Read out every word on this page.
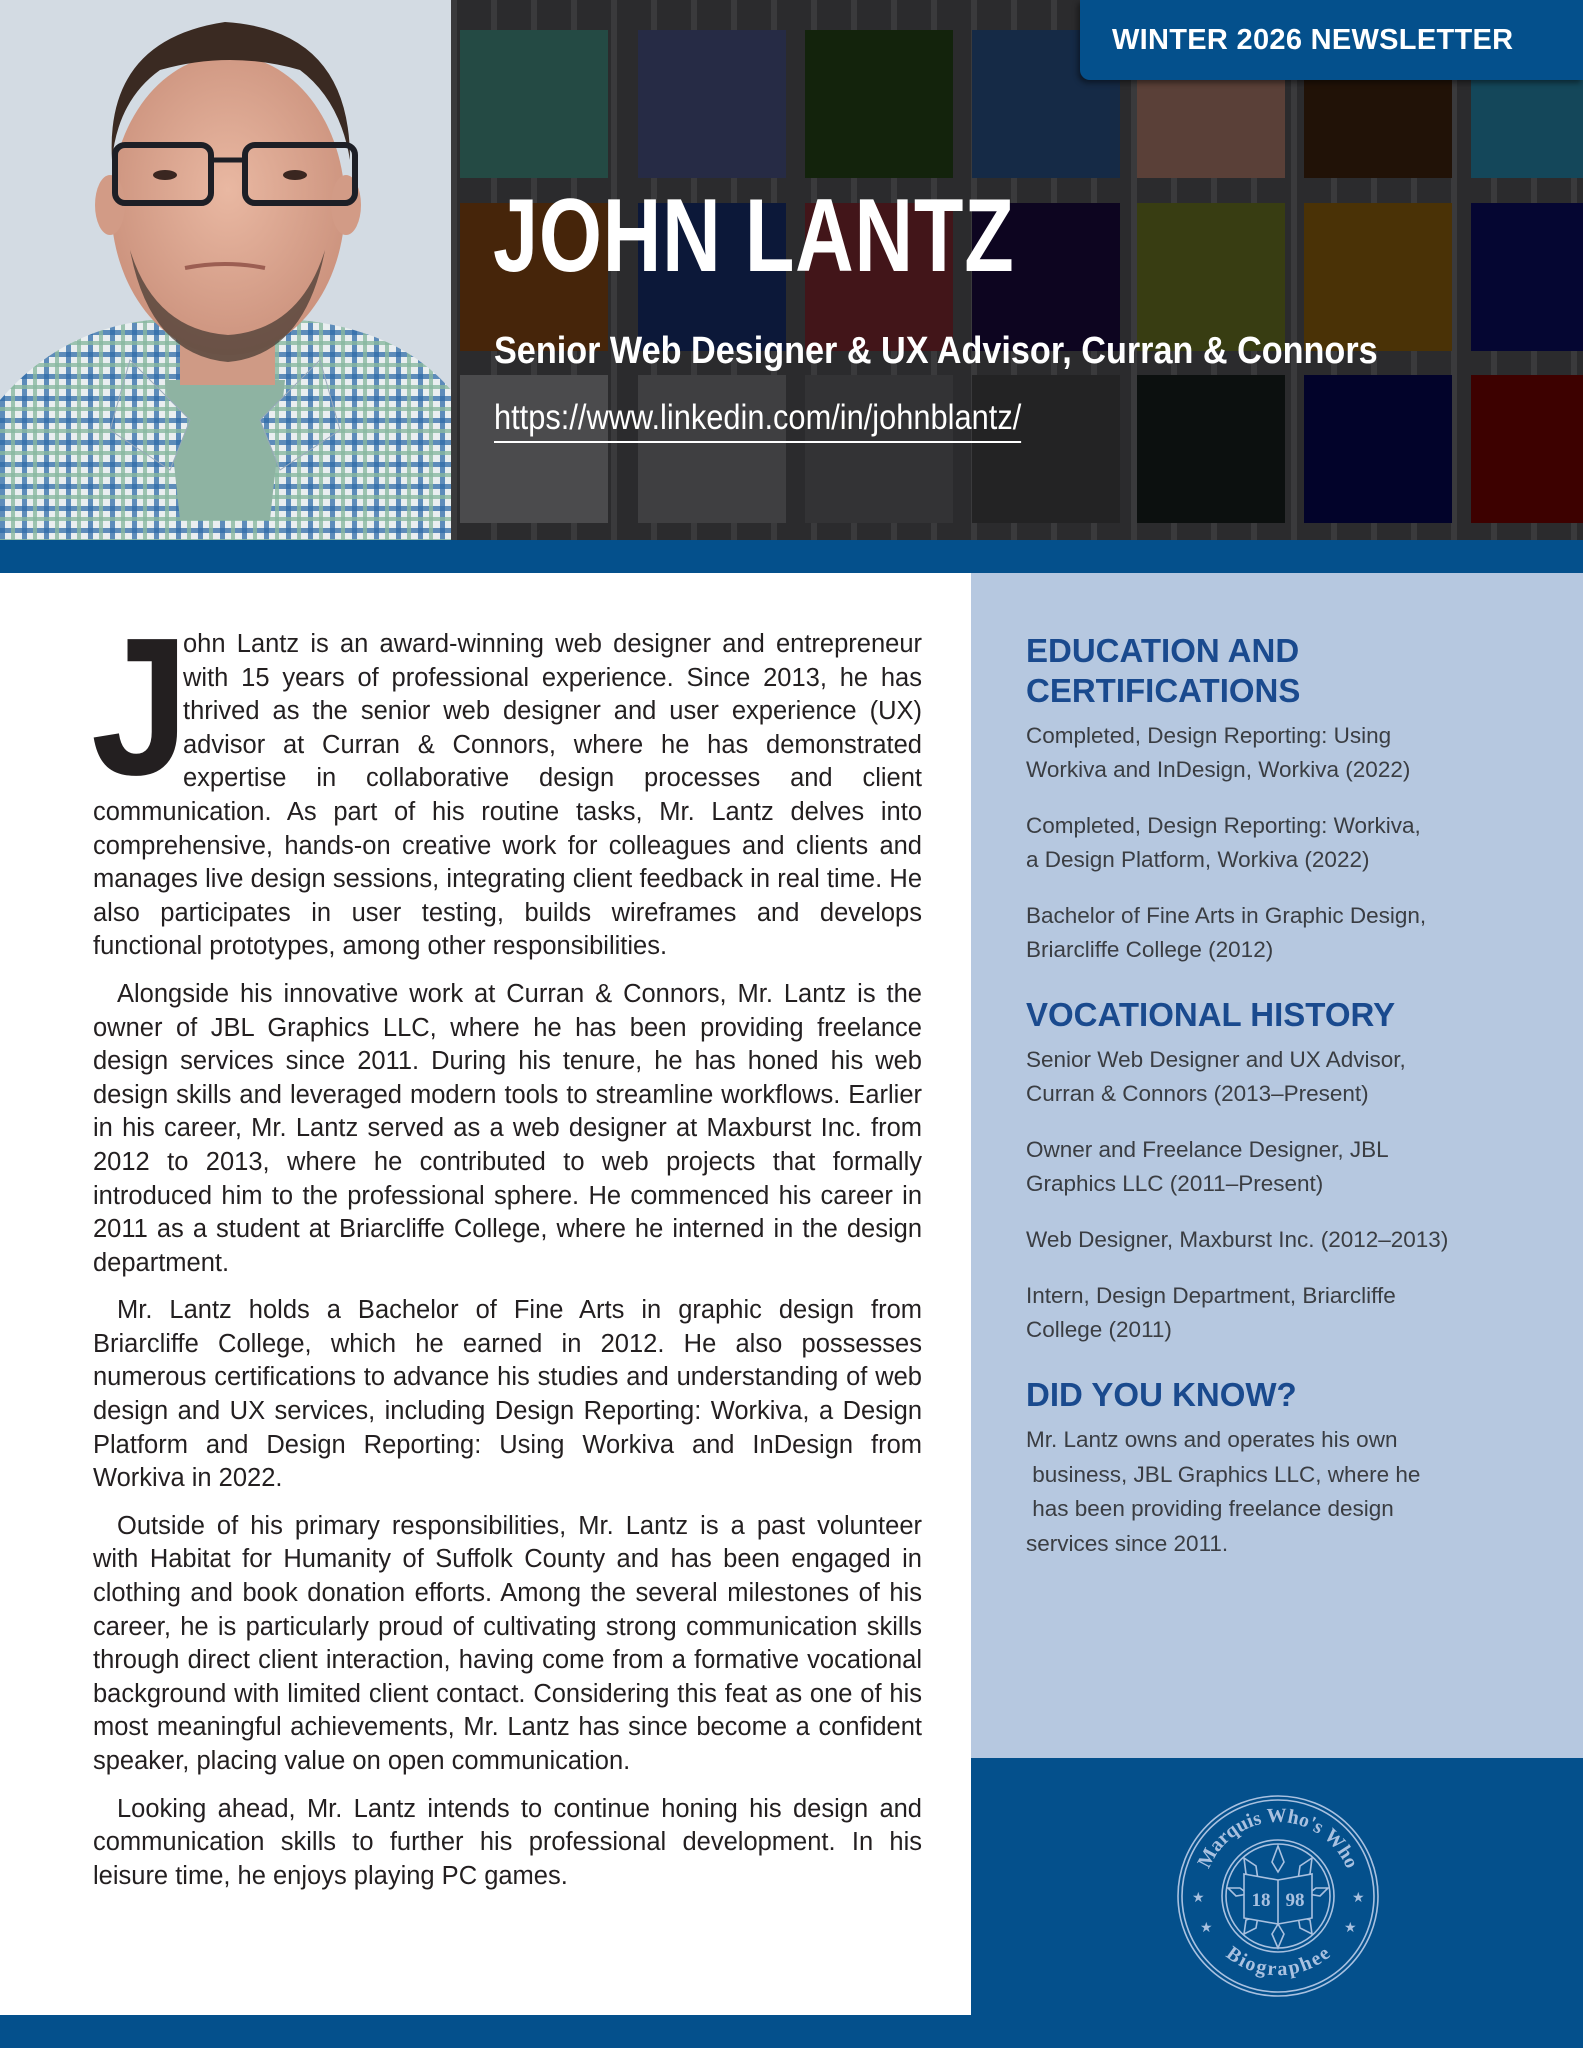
WINTER 2026 NEWSLETTER
JOHN LANTZ
Senior Web Designer & UX Advisor, Curran & Connors
https://www.linkedin.com/in/johnblantz/

J
ohn Lantz is an award-winning web designer and entrepreneur with 15 years of professional experience. Since 2013, he has thrived as the senior web designer and user experience (UX) advisor at Curran & Connors, where he has demonstrated expertise in collaborative design processes and client communication. As part of his routine tasks, Mr. Lantz delves into comprehensive, hands-on creative work for colleagues and clients and manages live design sessions, integrating client feedback in real time. He also participates in user testing, builds wireframes and develops functional prototypes, among other responsibilities.

Alongside his innovative work at Curran & Connors, Mr. Lantz is the owner of JBL Graphics LLC, where he has been providing freelance design services since 2011. During his tenure, he has honed his web design skills and leveraged modern tools to streamline workflows. Earlier in his career, Mr. Lantz served as a web designer at Maxburst Inc. from 2012 to 2013, where he contributed to web projects that formally introduced him to the professional sphere. He commenced his career in 2011 as a student at Briarcliffe College, where he interned in the design department.

Mr. Lantz holds a Bachelor of Fine Arts in graphic design from Briarcliffe College, which he earned in 2012. He also possesses numerous certifications to advance his studies and understanding of web design and UX services, including Design Reporting: Workiva, a Design Platform and Design Reporting: Using Workiva and InDesign from Workiva in 2022.

Outside of his primary responsibilities, Mr. Lantz is a past volunteer with Habitat for Humanity of Suffolk County and has been engaged in clothing and book donation efforts. Among the several milestones of his career, he is particularly proud of cultivating strong communication skills through direct client interaction, having come from a formative vocational background with limited client contact. Considering this feat as one of his most meaningful achievements, Mr. Lantz has since become a confident speaker, placing value on open communication.

Looking ahead, Mr. Lantz intends to continue honing his design and communication skills to further his professional development. In his leisure time, he enjoys playing PC games.

EDUCATION AND
CERTIFICATIONS
Completed, Design Reporting: Using
Workiva and InDesign, Workiva (2022)
Completed, Design Reporting: Workiva,
a Design Platform, Workiva (2022)
Bachelor of Fine Arts in Graphic Design,
Briarcliffe College (2012)
VOCATIONAL HISTORY
Senior Web Designer and UX Advisor,
Curran & Connors (2013–Present)
Owner and Freelance Designer, JBL
Graphics LLC (2011–Present)
Web Designer, Maxburst Inc. (2012–2013)
Intern, Design Department, Briarcliffe
College (2011)
DID YOU KNOW?
Mr. Lantz owns and operates his own
business, JBL Graphics LLC, where he
has been providing freelance design
services since 2011.
18 98
Marquis Who's Who
Biographee
★	★
★	★
